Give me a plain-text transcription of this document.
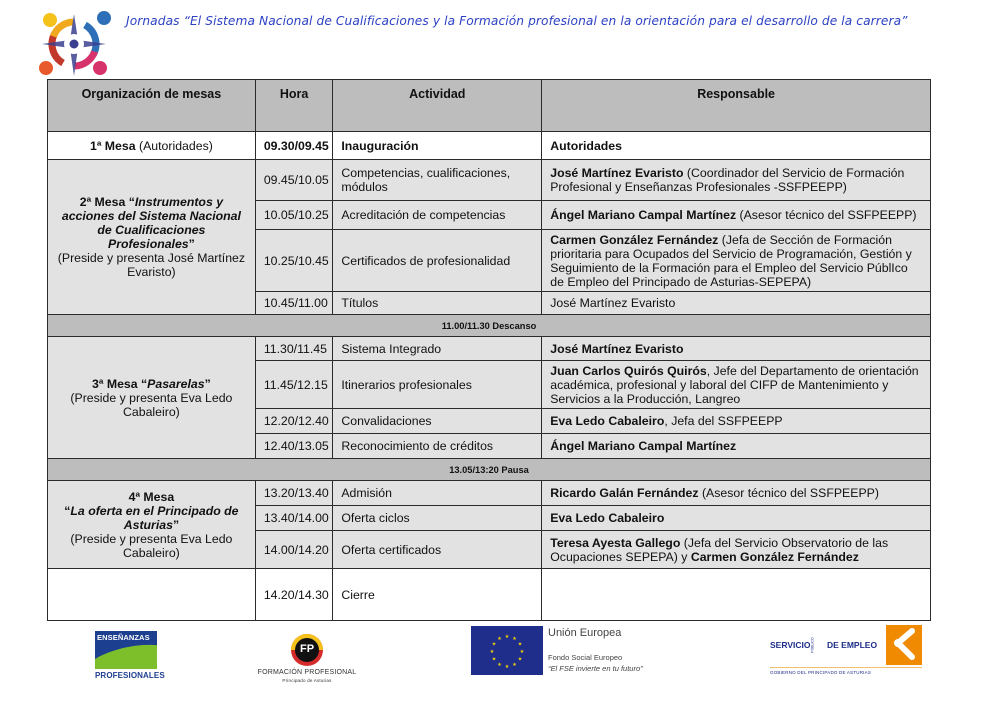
Jornadas “El Sistema Nacional de Cualificaciones y la Formación profesional en la orientación para el desarrollo de la carrera”
Organización de mesas	Hora	Actividad	Responsable
1ª Mesa (Autoridades)	09.30/09.45	Inauguración	Autoridades
2ª Mesa “Instrumentos y acciones del Sistema Nacional de Cualificaciones Profesionales”
(Preside y presenta José Martínez Evaristo)	09.45/10.05	Competencias, cualificaciones, módulos	José Martínez Evaristo (Coordinador del Servicio de Formación Profesional y Enseñanzas Profesionales -SSFPEEPP)
	10.05/10.25	Acreditación de competencias	Ángel Mariano Campal Martínez (Asesor técnico del SSFPEEPP)
	10.25/10.45	Certificados de profesionalidad	Carmen González Fernández (Jefa de Sección de Formación prioritaria para Ocupados del Servicio de Programación, Gestión y Seguimiento de la Formación para el Empleo del Servicio PúblIco de Empleo del Principado de Asturias-SEPEPA)
	10.45/11.00	Títulos	José Martínez Evaristo
11.00/11.30 Descanso			
3ª Mesa “Pasarelas”
(Preside y presenta Eva Ledo Cabaleiro)	11.30/11.45	Sistema Integrado	José Martínez Evaristo
	11.45/12.15	Itinerarios profesionales	Juan Carlos Quirós Quirós, Jefe del Departamento de orientación académica, profesional y laboral del CIFP de Mantenimiento y Servicios a la Producción, Langreo
	12.20/12.40	Convalidaciones	Eva Ledo Cabaleiro, Jefa del SSFPEEPP
	12.40/13.05	Reconocimiento de créditos	Ángel Mariano Campal Martínez
13.05/13:20 Pausa			
4ª Mesa
“La oferta en el Principado de Asturias”
(Preside y presenta Eva Ledo Cabaleiro)	13.20/13.40	Admisión	Ricardo Galán Fernández (Asesor técnico del SSFPEEPP)
	13.40/14.00	Oferta ciclos	Eva Ledo Cabaleiro
	14.00/14.20	Oferta certificados	Teresa Ayesta Gallego (Jefa del Servicio Observatorio de las Ocupaciones SEPEPA) y Carmen González Fernández
	14.20/14.30	Cierre	
ENSEÑANZAS
PROFESIONALES
FP
FORMACIÓN PROFESIONAL
Principado de Asturias
★
★
★
★
★
★
★
★
★ ★ ★
★
Unión Europea
Fondo Social Europeo
“El FSE invierte en tu futuro”
SERVICIO PÚBLICO DE EMPLEO
GOBIERNO DEL PRINCIPADO DE ASTURIAS
